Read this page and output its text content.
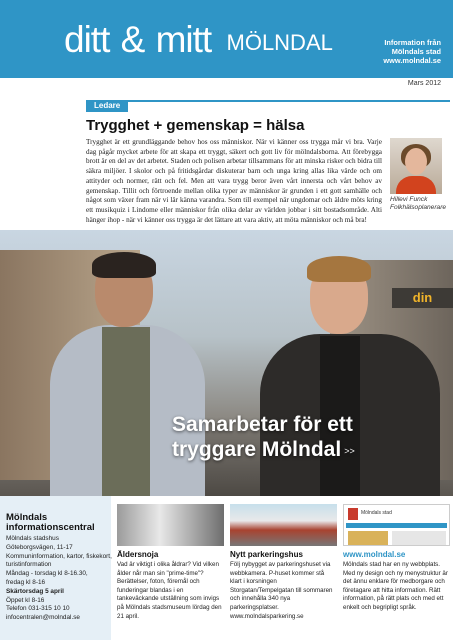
ditt & mitt MÖLNDAL	Information från
Mölndals stad
www.molndal.se
Mars 2012
Ledare
Trygghet + gemenskap = hälsa
Trygghet är ett grundläggande behov hos oss människor. När vi känner oss trygga mår vi bra. Varje dag pågår mycket arbete för att skapa ett tryggt, säkert och gott liv för mölndalsborna. Att förebygga brott är en del av det arbetet. Staden och polisen arbetar tillsammans för att minska risker och bidra till säkra miljöer. I skolor och på fritidsgårdar diskuterar barn och unga kring allas lika värde och om attityder och normer, rätt och fel. Men att vara trygg beror även vårt innersta och vårt behov av gemenskap. Tillit och förtroende mellan olika typer av människor är grunden i ett gott samhälle och något som växer fram när vi lär känna varandra. Som till exempel när ungdomar och äldre möts kring ett musikquiz i Lindome eller människor från olika delar av världen jobbar i sitt bostadsområde. Alti hänger ihop - när vi känner oss trygga är det lättare att vara aktiv, att möta människor och må bra!
Hillevi Funck
Folkhälsoplanerare
din
Samarbetar för ett
tryggare Mölndal >>
Mölndals
informationscentral
Mölndals stadshus
Göteborgsvägen, 11-17
Kommuninformation, kartor, fiskekort,
turistinformation
Måndag - torsdag kl 8-16.30,
fredag kl 8-16
Skärtorsdag 5 april
Öppet kl 8-16
Telefon 031-315 10 10
infocentralen@molndal.se
Äldersnoja
Vad är viktigt i olika åldrar? Vid vilken ålder når man sin "prime-time"? Berättelser, foton, föremål och funderingar blandas i en tankeväckande utställning som invigs på Mölndals stadsmuseum lördag den 21 april.
Nytt parkeringshus
Följ nybygget av parkeringshuset via webbkamera. P-huset kommer stå klart i korsningen Storgatan/Tempelgatan till sommaren och innehålla 340 nya parkeringsplatser. www.molndalsparkering.se
Mölndals stad
www.molndal.se
Mölndals stad har en ny webbplats. Med ny design och ny menystruktur är det ännu enklare för medborgare och företagare att hitta information. Rätt information, på rätt plats och med ett enkelt och begripligt språk.
